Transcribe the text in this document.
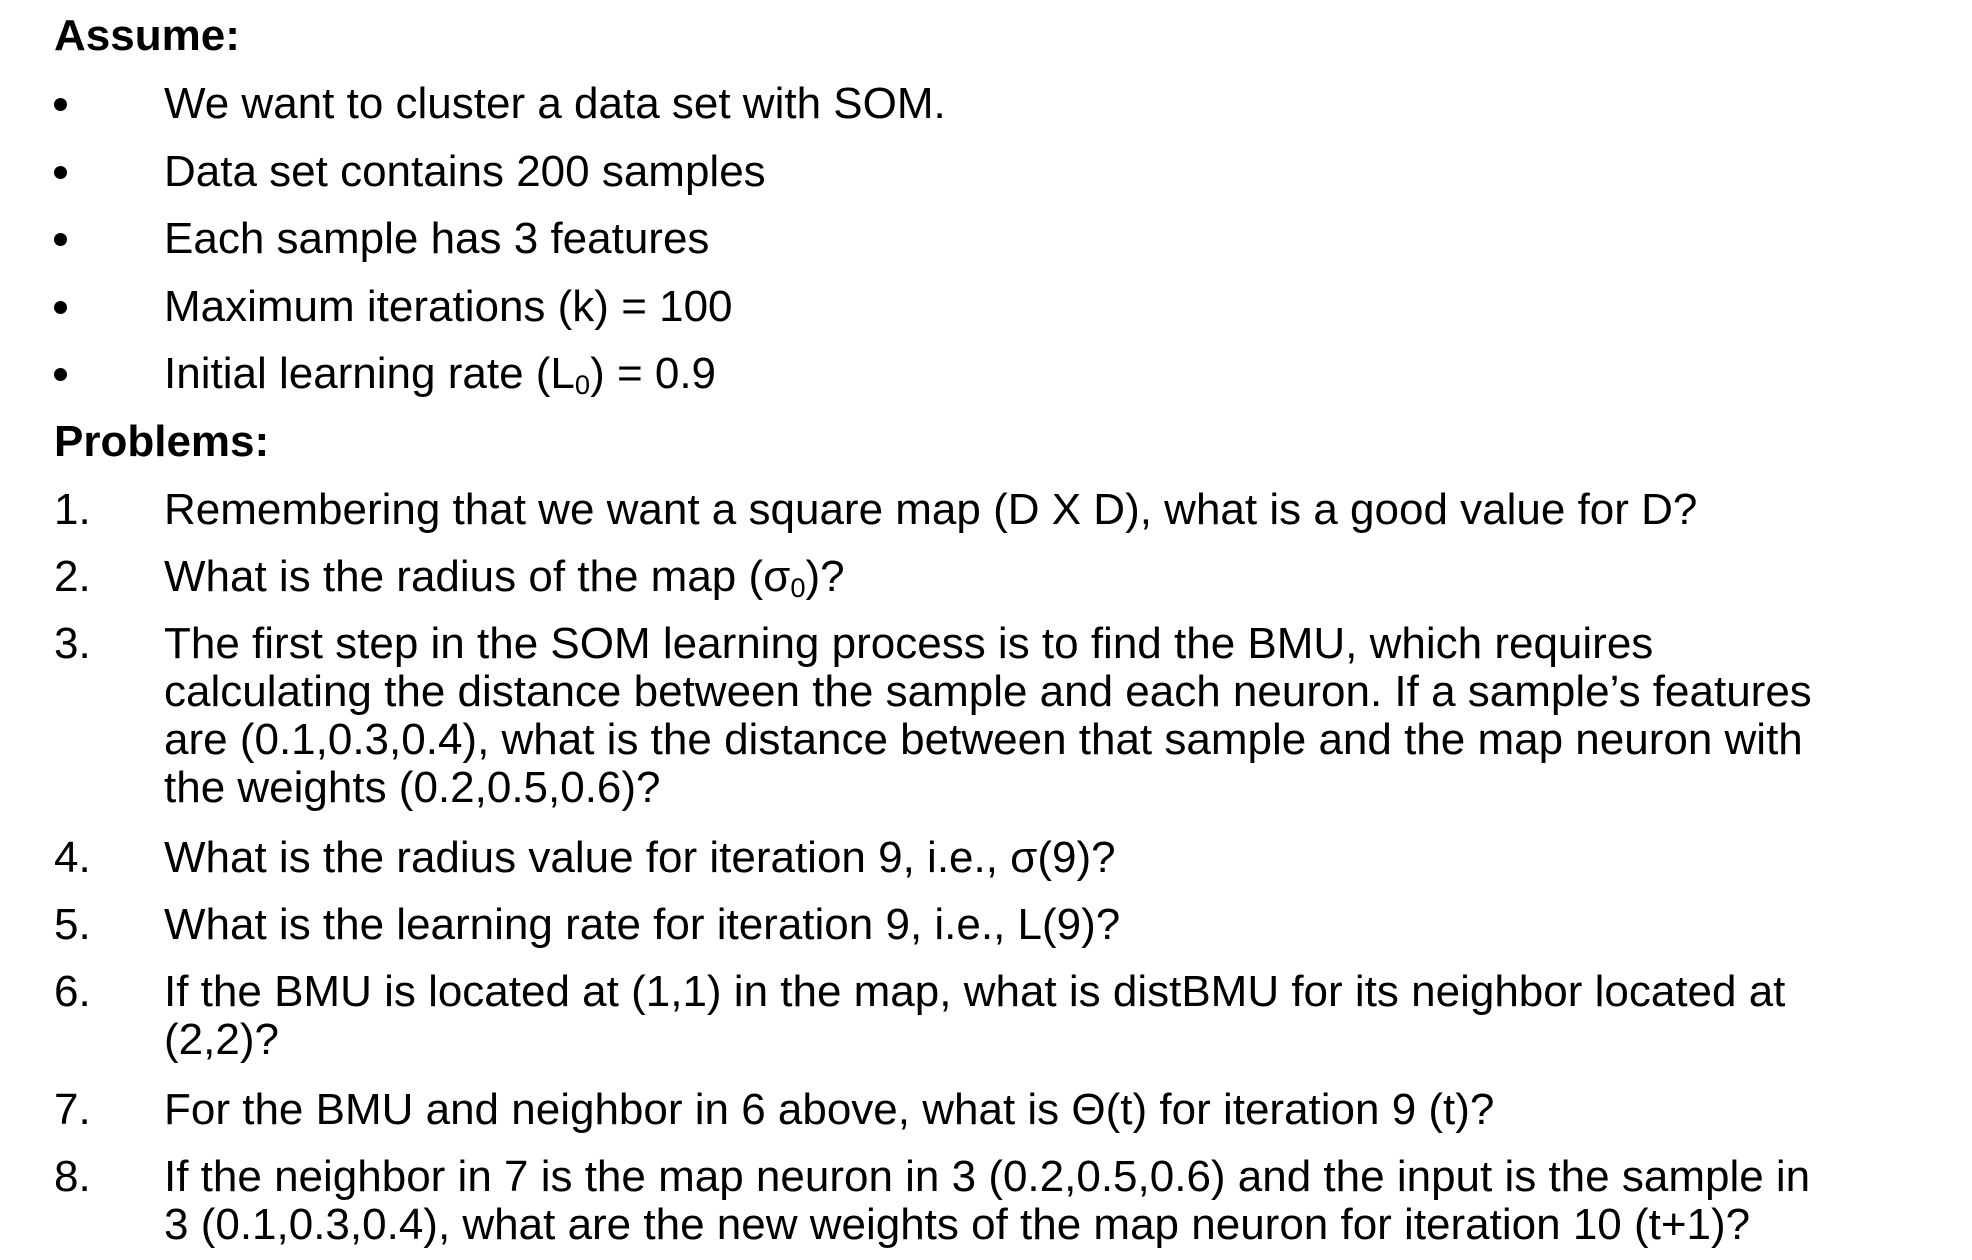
Assume:
We want to cluster a data set with SOM.
Data set contains 200 samples
Each sample has 3 features
Maximum iterations (k) = 100
Initial learning rate $(L_0) = 0.9$
Problems:
1. Remembering that we want a square map (D X D), what is a good value for D?
2. What is the radius of the map $(\sigma_0)$?
3. The first step in the SOM learning process is to find the BMU, which requires
calculating the distance between the sample and each neuron. If a sample’s features
are (0.1,0.3,0.4), what is the distance between that sample and the map neuron with
the weights (0.2,0.5,0.6)?
4. What is the radius value for iteration 9, i.e., σ(9)?
5. What is the learning rate for iteration 9, i.e., L(9)?
6. If the BMU is located at (1,1) in the map, what is distBMU for its neighbor located at
(2,2)?
7. For the BMU and neighbor in 6 above, what is Θ(t) for iteration 9 (t)?
8. If the neighbor in 7 is the map neuron in 3 (0.2,0.5,0.6) and the input is the sample in
3 (0.1,0.3,0.4), what are the new weights of the map neuron for iteration 10 (t+1)?
